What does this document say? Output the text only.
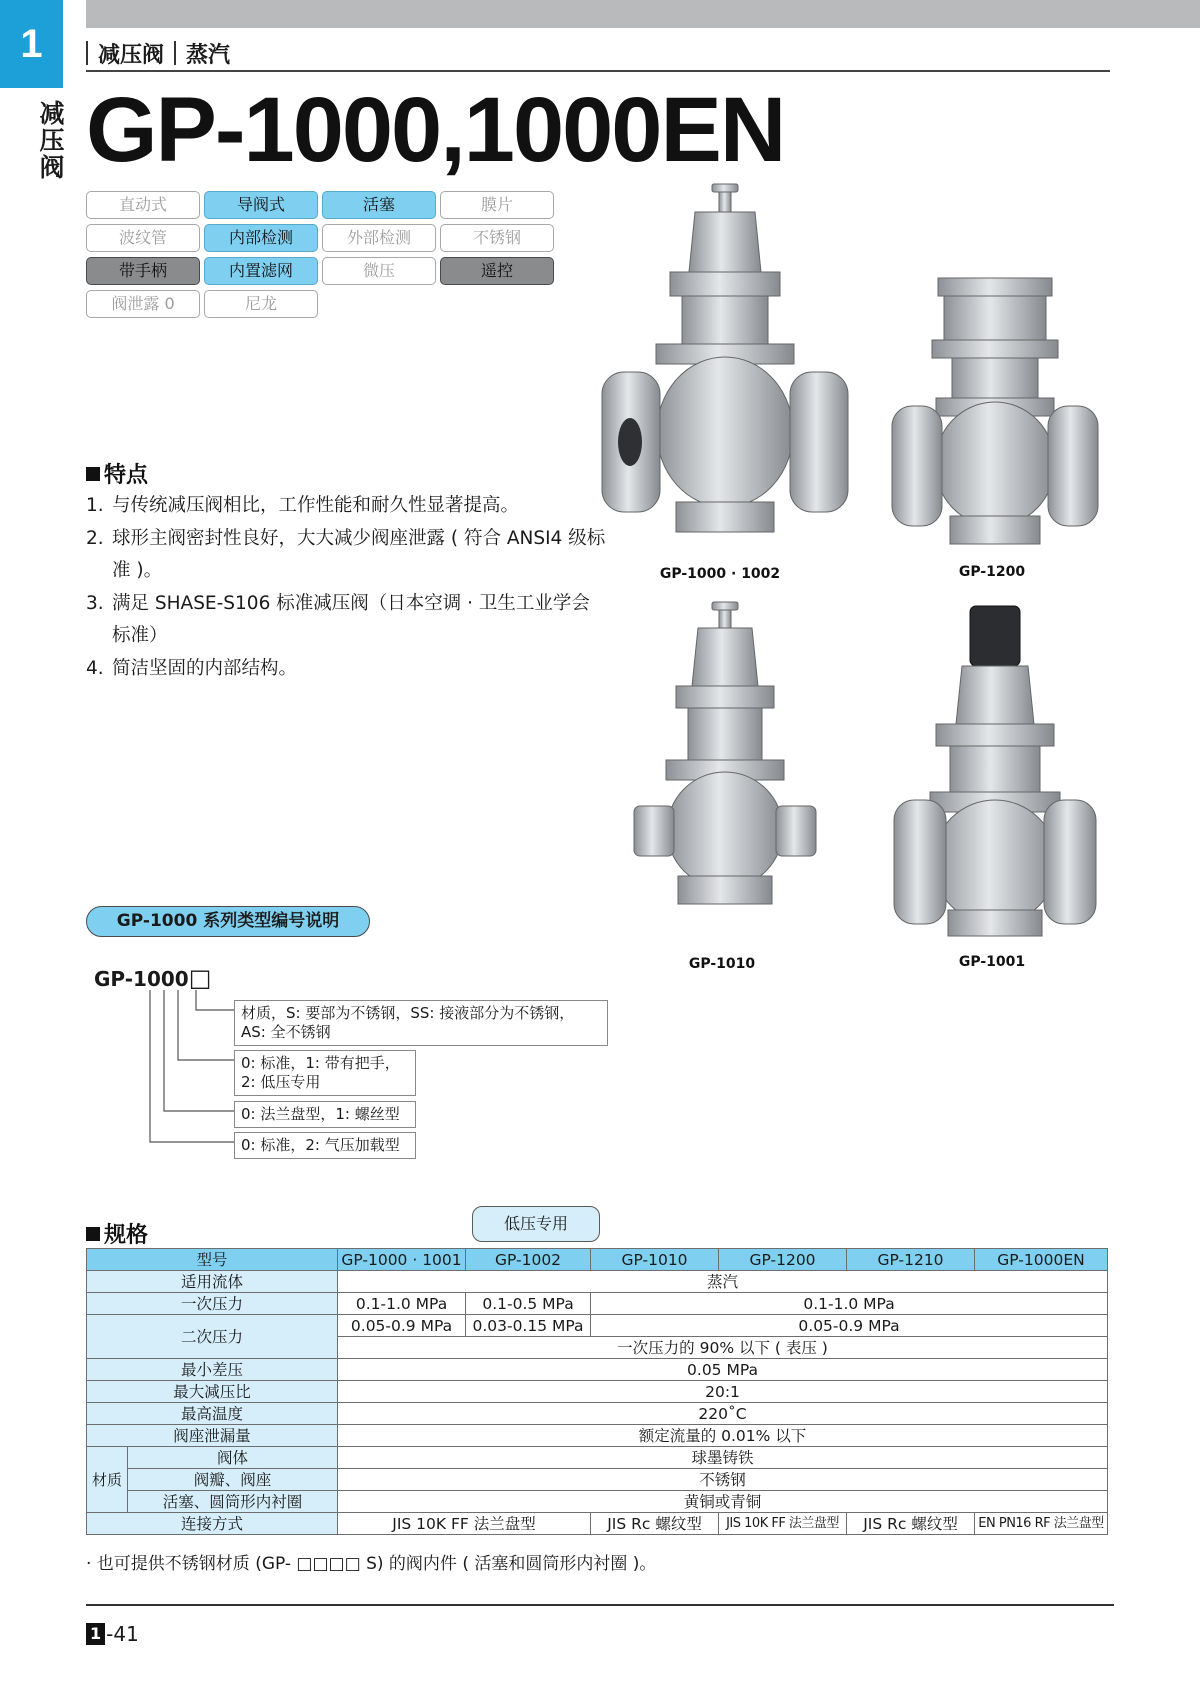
1
减压阀
减压阀 蒸汽
GP-1000,1000EN
直动式	导阀式	活塞	膜片
波纹管	内部检测	外部检测	不锈钢
带手柄	内置滤网	微压	遥控
阀泄露 0	尼龙
特点
1. 与传统减压阀相比，工作性能和耐久性显著提高。
2. 球形主阀密封性良好，大大减少阀座泄露 ( 符合 ANSI4 级标准 )。
3. 满足 SHASE-S106 标准减压阀（日本空调 · 卫生工业学会标准）
4. 简洁坚固的内部结构。
GP-1000 · 1002	GP-1200
GP-1010	GP-1001
GP-1000 系列类型编号说明
GP-1000□
材质，S: 要部为不锈钢，SS: 接液部分为不锈钢，
AS: 全不锈钢
0: 标准，1: 带有把手，
2: 低压专用
0: 法兰盘型，1: 螺丝型
0: 标准，2: 气压加载型
规格	低压专用
型号		GP-1000 · 1001	GP-1002	GP-1010	GP-1200	GP-1210	GP-1000EN
适用流体		蒸汽					
一次压力		0.1-1.0 MPa	0.1-0.5 MPa	0.1-1.0 MPa			
二次压力		0.05-0.9 MPa	0.03-0.15 MPa	0.05-0.9 MPa			
		一次压力的 90% 以下 ( 表压 )					
最小差压		0.05 MPa					
最大减压比		20:1					
最高温度		220˚C					
阀座泄漏量		额定流量的 0.01% 以下					
材质	阀体	球墨铸铁					
	阀瓣、阀座	不锈钢					
	活塞、圆筒形内衬圈	黄铜或青铜					
连接方式		JIS 10K FF 法兰盘型		JIS Rc 螺纹型	JIS 10K FF 法兰盘型	JIS Rc 螺纹型	EN PN16 RF 法兰盘型
· 也可提供不锈钢材质 (GP- □□□□ S) 的阀内件 ( 活塞和圆筒形内衬圈 )。
1 -41
